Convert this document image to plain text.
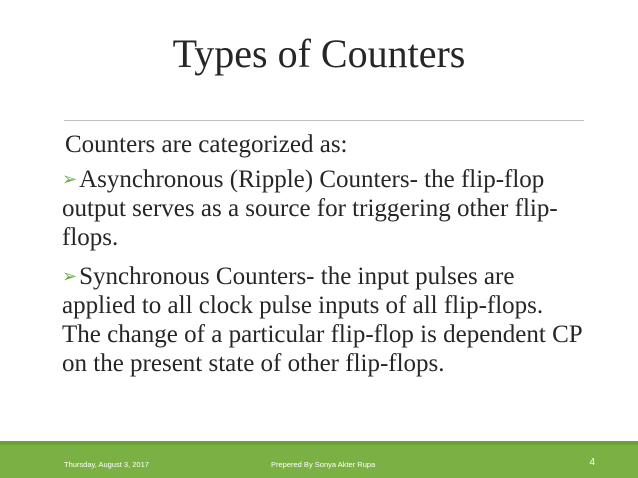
Types of Counters
Counters are categorized as:
➢Asynchronous (Ripple) Counters- the flip-flop output serves as a source for triggering other flip-flops.
➢Synchronous Counters- the input pulses are applied to all clock pulse inputs of all flip-flops. The change of a particular flip-flop is dependent CP on the present state of other flip-flops.
Thursday, August 3, 2017	Prepered By Sonya Akter Rupa	4
